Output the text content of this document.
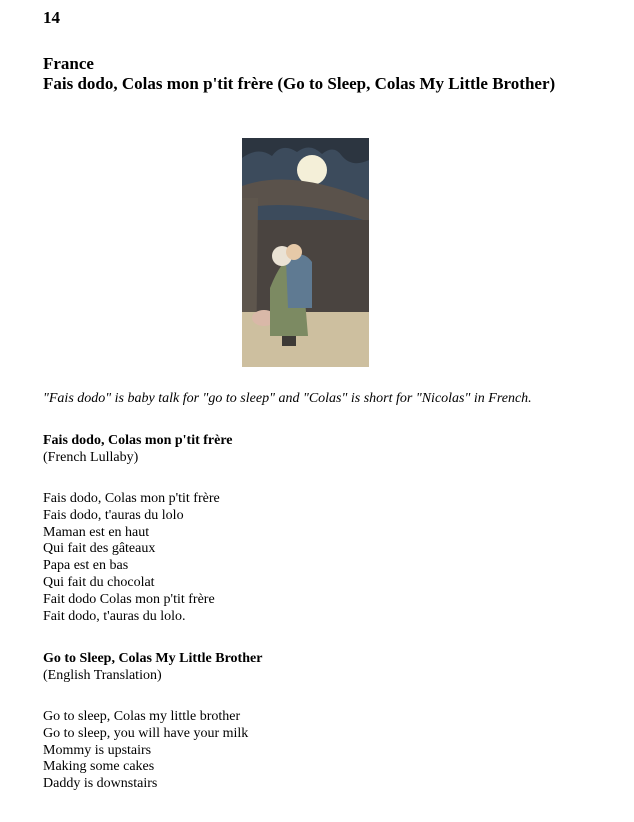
14

France

Fais dodo, Colas mon p'tit frère (Go to Sleep, Colas My Little Brother)

"Fais dodo" is baby talk for "go to sleep" and "Colas" is short for "Nicolas" in French.

Fais dodo, Colas mon p'tit frère

(French Lullaby)

Fais dodo, Colas mon p'tit frère
Fais dodo, t'auras du lolo
Maman est en haut
Qui fait des gâteaux
Papa est en bas
Qui fait du chocolat
Fait dodo Colas mon p'tit frère
Fait dodo, t'auras du lolo.

Go to Sleep, Colas My Little Brother

(English Translation)

Go to sleep, Colas my little brother
Go to sleep, you will have your milk
Mommy is upstairs
Making some cakes
Daddy is downstairs
